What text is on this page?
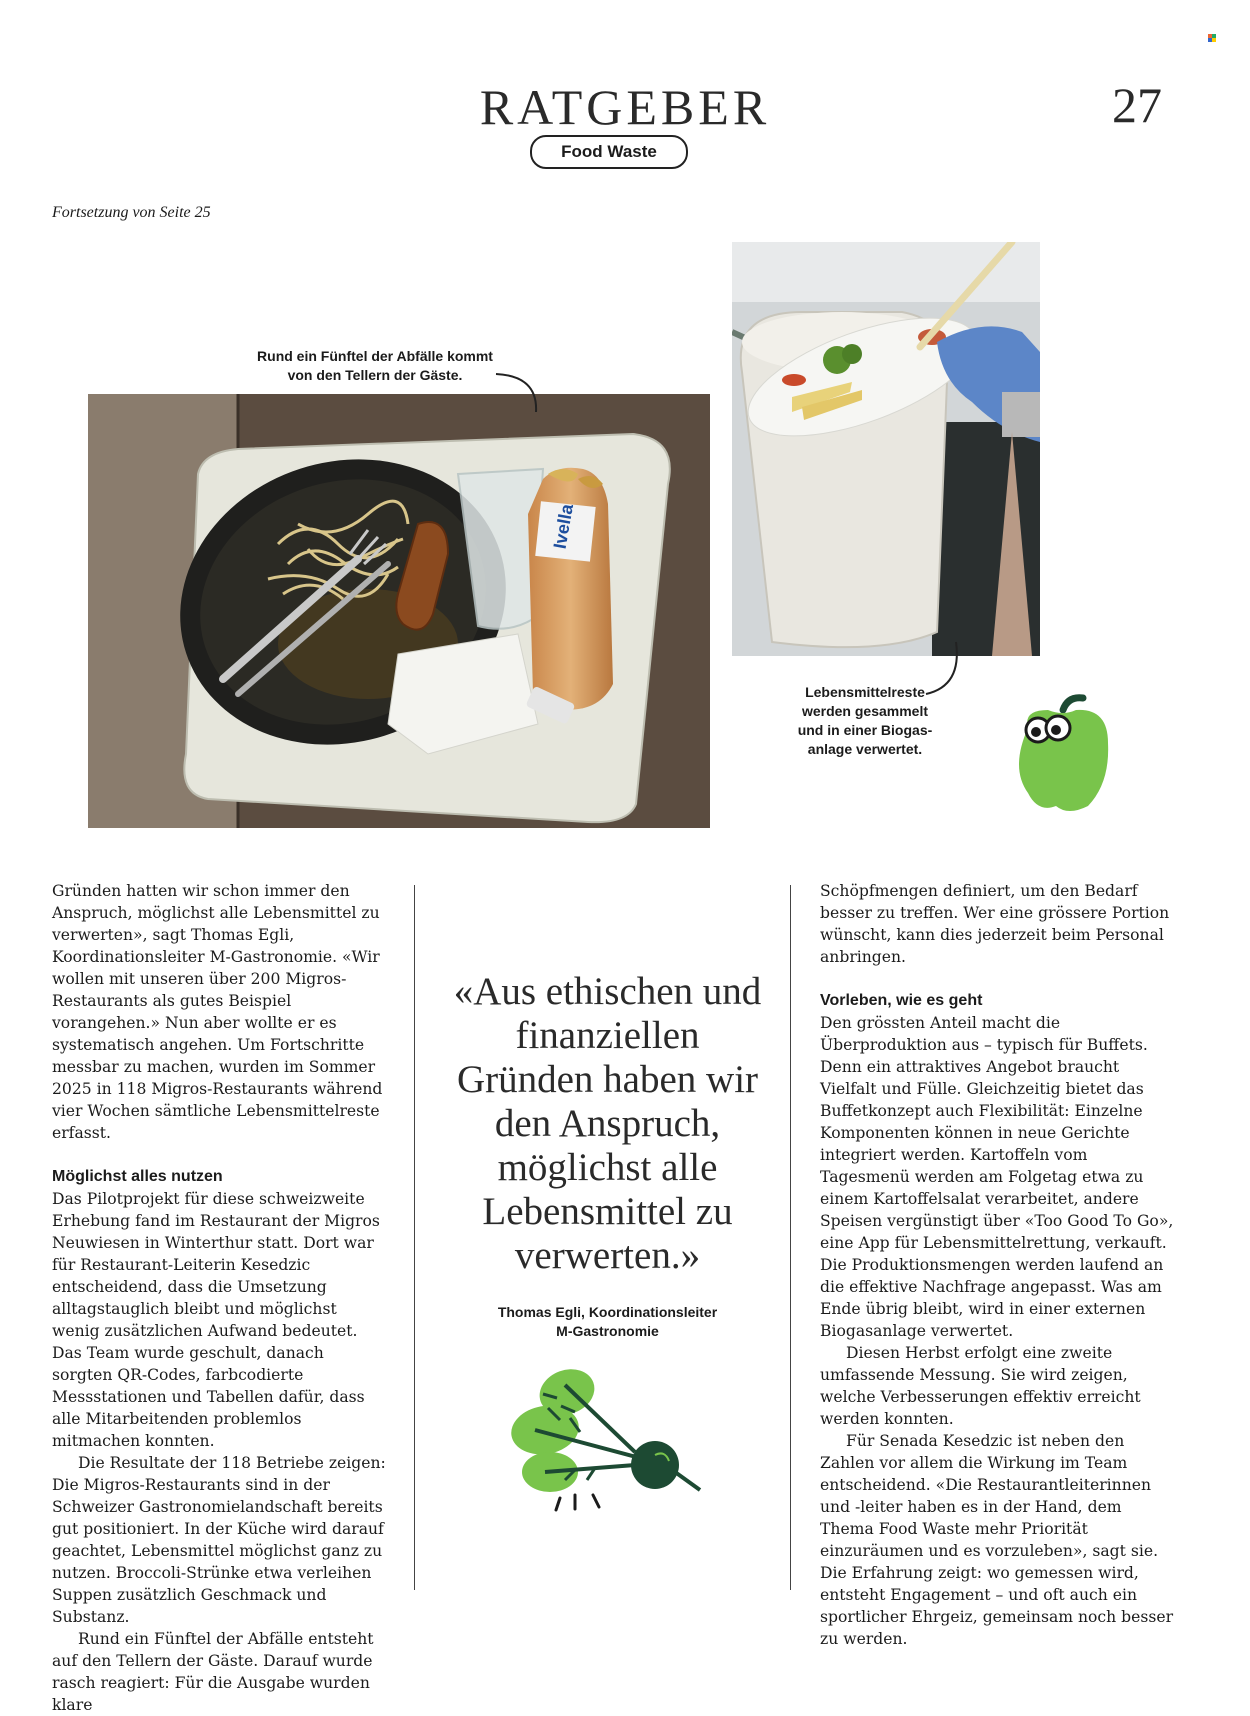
RATGEBER	27
Food Waste
Fortsetzung von Seite 25
Ivella
Rund ein Fünftel der Abfälle kommt
von den Tellern der Gäste.
Lebensmittelreste
werden gesammelt
und in einer Biogas-
anlage verwertet.

Gründen hatten wir schon immer den Anspruch, möglichst alle Lebensmittel zu verwerten», sagt Thomas Egli, Koordinationsleiter M-Gastronomie. «Wir wollen mit unseren über 200 Migros-Restaurants als gutes Beispiel vorangehen.» Nun aber wollte er es systematisch angehen. Um Fortschritte messbar zu machen, wurden im Sommer 2025 in 118 Migros-Restaurants während vier Wochen sämtliche Lebensmittelreste erfasst.

Möglichst alles nutzen

Das Pilotprojekt für diese schweizweite Erhebung fand im Restaurant der Migros Neuwiesen in Winterthur statt. Dort war für Restaurant-Leiterin Kesedzic entscheidend, dass die Umsetzung alltagstauglich bleibt und möglichst wenig zusätzlichen Aufwand bedeutet. Das Team wurde geschult, danach sorgten QR-Codes, farbcodierte Messstationen und Tabellen dafür, dass alle Mitarbeitenden problemlos mitmachen konnten.

Die Resultate der 118 Betriebe zeigen: Die Migros-Restaurants sind in der Schweizer Gastronomielandschaft bereits gut positioniert. In der Küche wird darauf geachtet, Lebensmittel möglichst ganz zu nutzen. Broccoli-Strünke etwa verleihen Suppen zusätzlich Geschmack und Substanz.

Rund ein Fünftel der Abfälle entsteht auf den Tellern der Gäste. Darauf wurde rasch reagiert: Für die Ausgabe wurden klare

«Aus ethischen und finanziellen Gründen haben wir den Anspruch, möglichst alle Lebensmittel zu verwerten.»
Thomas Egli, Koordinationsleiter
M-Gastronomie

Schöpfmengen definiert, um den Bedarf besser zu treffen. Wer eine grössere Portion wünscht, kann dies jederzeit beim Personal anbringen.

Vorleben, wie es geht

Den grössten Anteil macht die Überproduktion aus – typisch für Buffets. Denn ein attraktives Angebot braucht Vielfalt und Fülle. Gleichzeitig bietet das Buffetkonzept auch Flexibilität: Einzelne Komponenten können in neue Gerichte integriert werden. Kartoffeln vom Tagesmenü werden am Folgetag etwa zu einem Kartoffelsalat verarbeitet, andere Speisen vergünstigt über «Too Good To Go», eine App für Lebensmittelrettung, verkauft. Die Produktionsmengen werden laufend an die effektive Nachfrage angepasst. Was am Ende übrig bleibt, wird in einer externen Biogasanlage verwertet.

Diesen Herbst erfolgt eine zweite umfassende Messung. Sie wird zeigen, welche Verbesserungen effektiv erreicht werden konnten.

Für Senada Kesedzic ist neben den Zahlen vor allem die Wirkung im Team entscheidend. «Die Restaurantleiterinnen und -leiter haben es in der Hand, dem Thema Food Waste mehr Priorität einzuräumen und es vorzuleben», sagt sie. Die Erfahrung zeigt: wo gemessen wird, entsteht Engagement – und oft auch ein sportlicher Ehrgeiz, gemeinsam noch besser zu werden.
